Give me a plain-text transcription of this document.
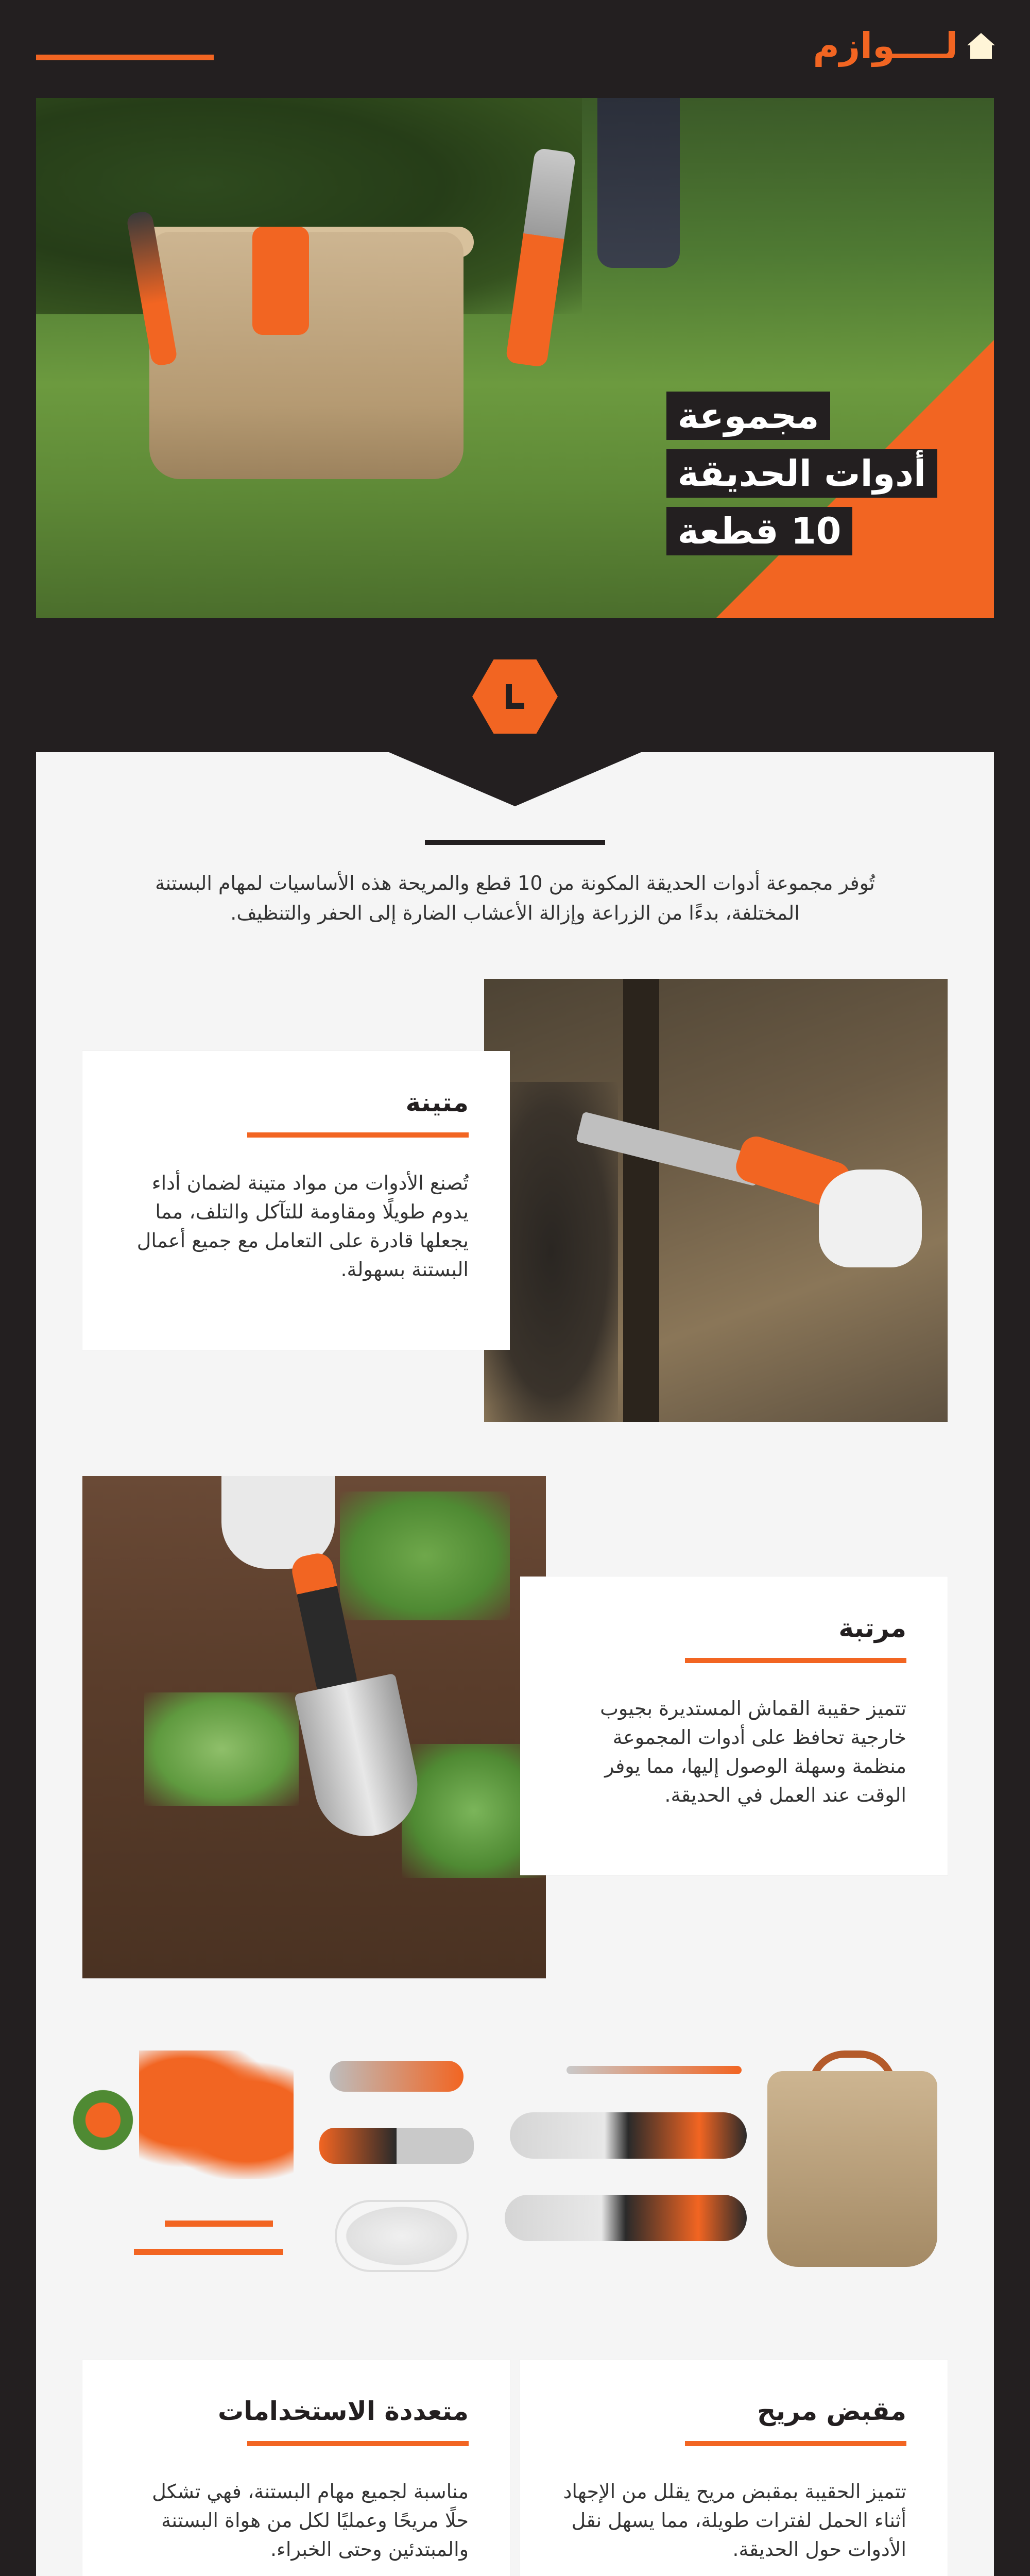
لــــوازم
مجموعة
أدوات الحديقة
10 قطعة
تُوفر مجموعة أدوات الحديقة المكونة من 10 قطع والمريحة هذه الأساسيات لمهام البستنة المختلفة، بدءًا من الزراعة وإزالة الأعشاب الضارة إلى الحفر والتنظيف.
متينة

تُصنع الأدوات من مواد متينة لضمان أداء يدوم طويلًا ومقاومة للتآكل والتلف، مما يجعلها قادرة على التعامل مع جميع أعمال البستنة بسهولة.

مرتبة

تتميز حقيبة القماش المستديرة بجيوب خارجية تحافظ على أدوات المجموعة منظمة وسهلة الوصول إليها، مما يوفر الوقت عند العمل في الحديقة.

مقبض مريح

تتميز الحقيبة بمقبض مريح يقلل من الإجهاد أثناء الحمل لفترات طويلة، مما يسهل نقل الأدوات حول الحديقة.

متعددة الاستخدامات

مناسبة لجميع مهام البستنة، فهي تشكل حلًا مريحًا وعمليًا لكل من هواة البستنة والمبتدئين وحتى الخبراء.
